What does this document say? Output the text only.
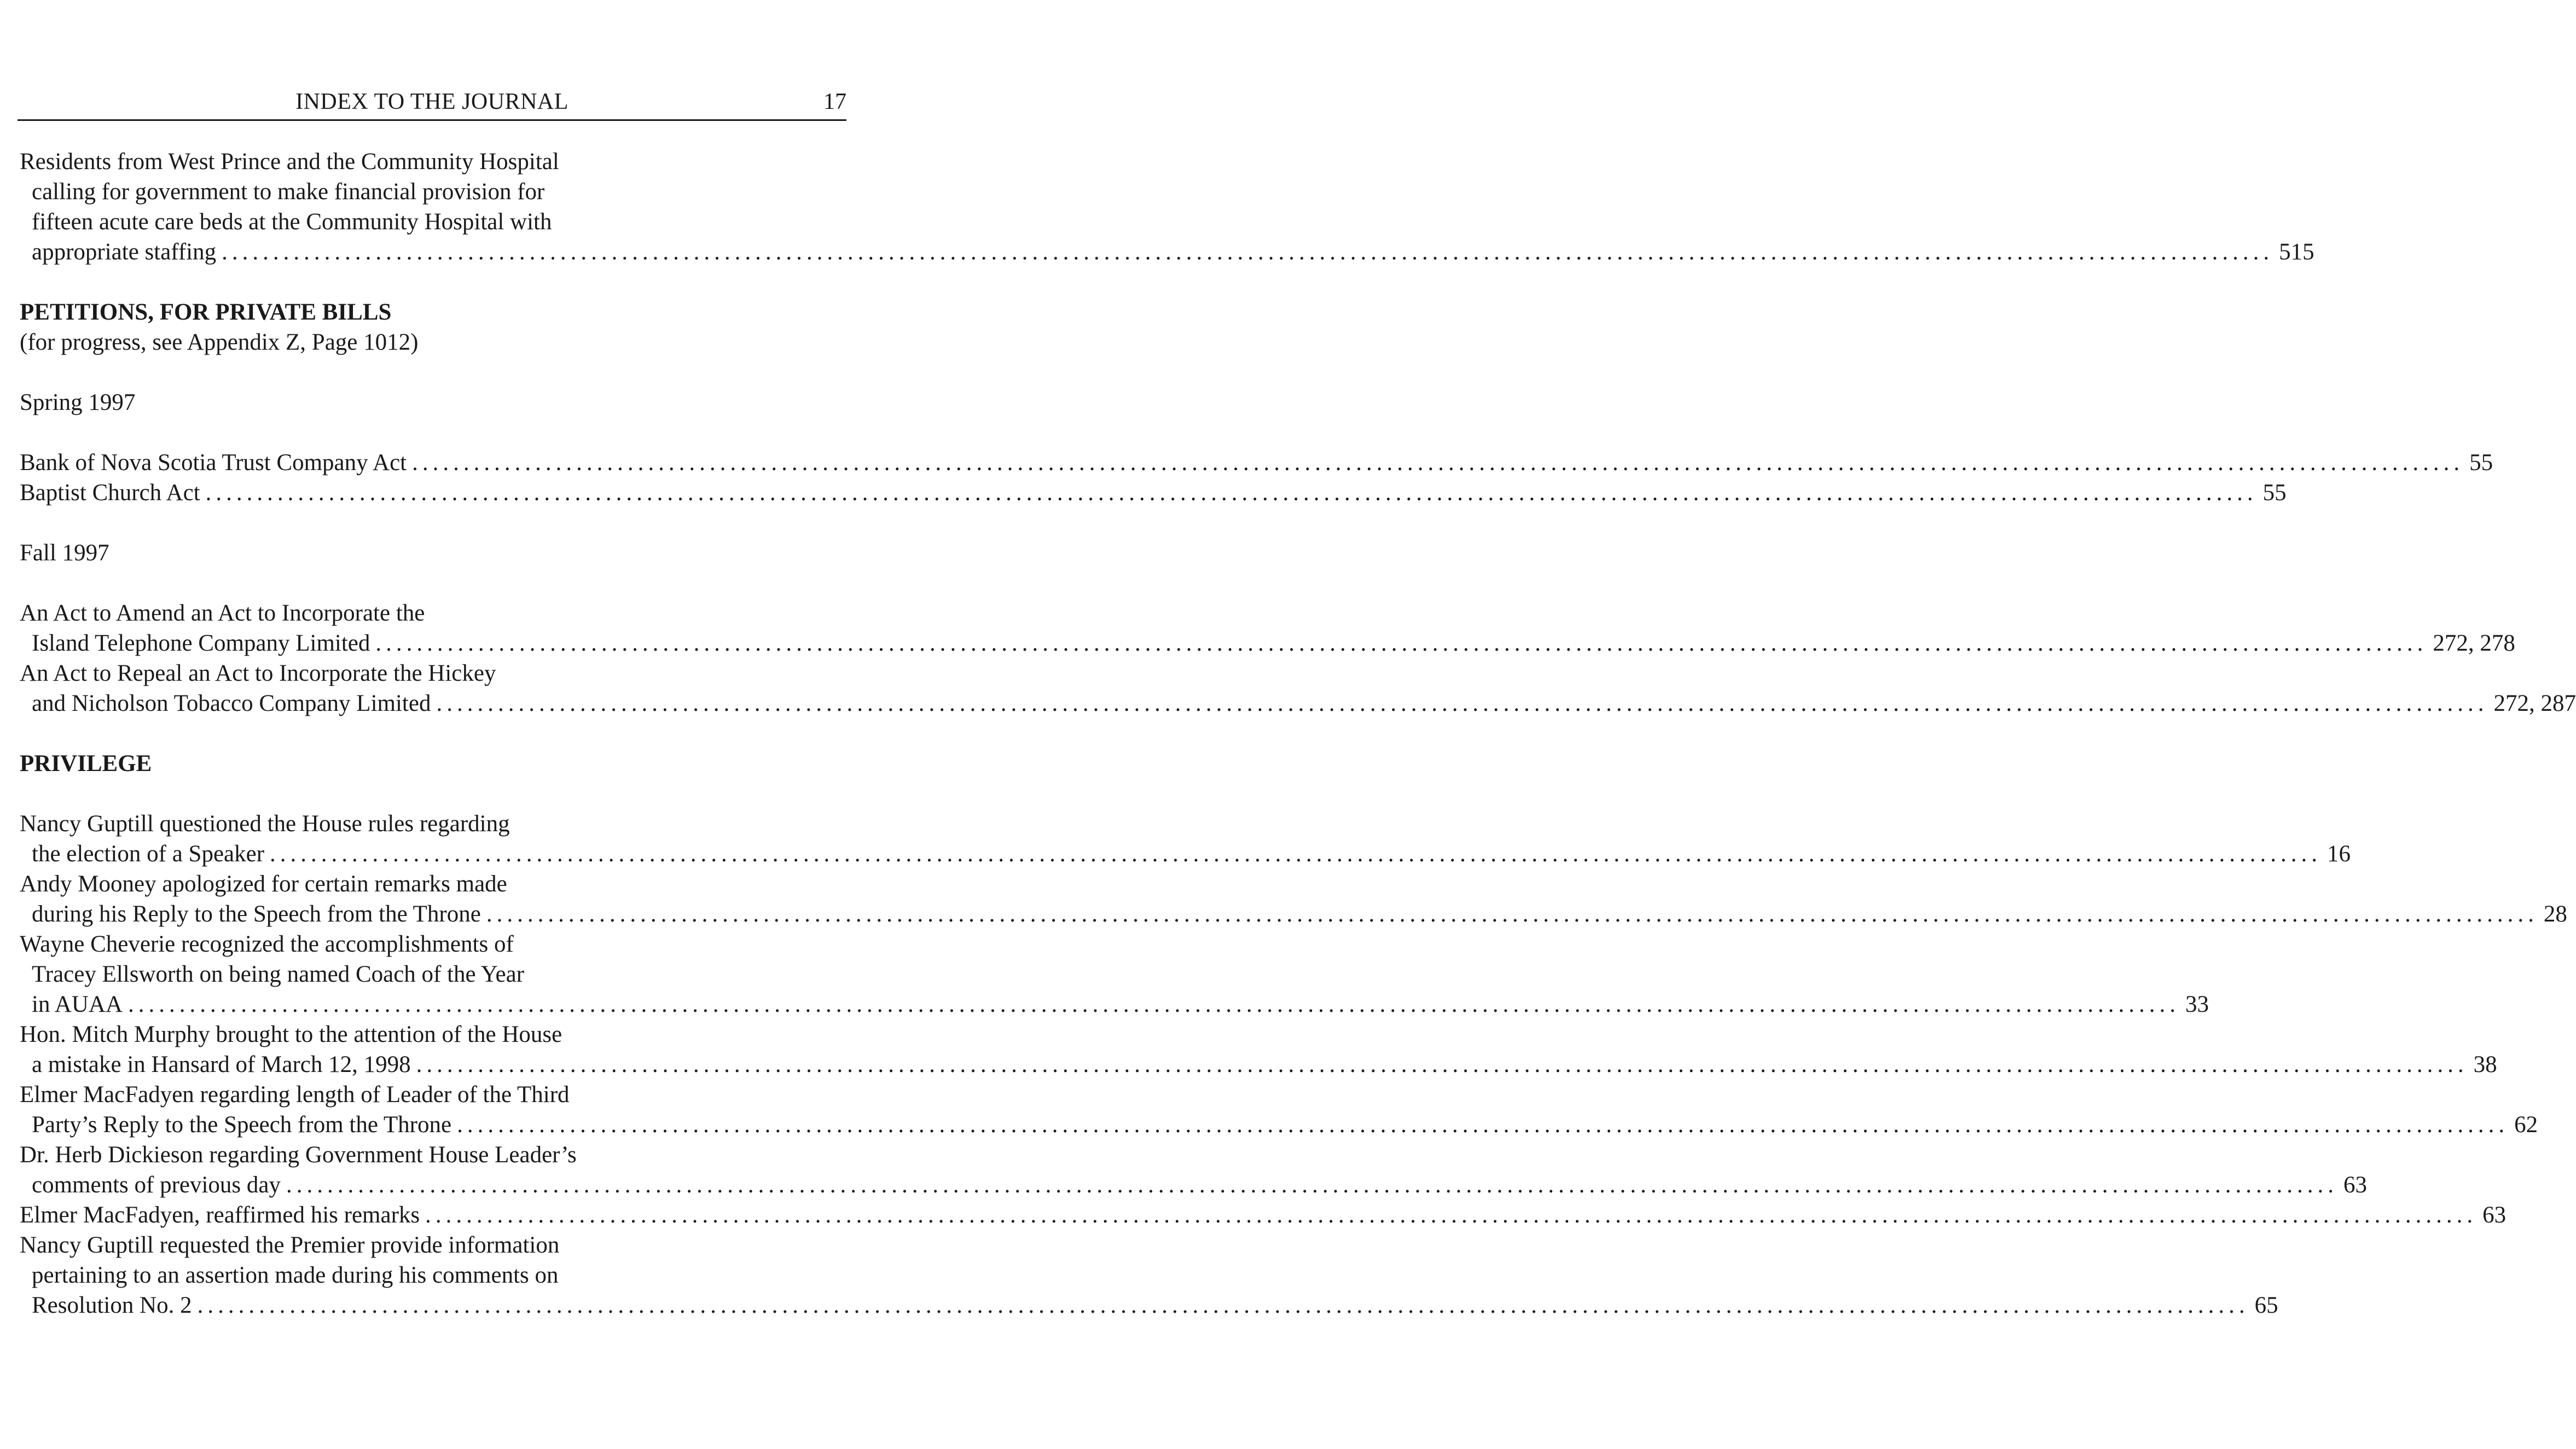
INDEX TO THE JOURNAL	17
Residents from West Prince and the Community Hospital
calling for government to make financial provision for
fifteen acute care beds at the Community Hospital with
appropriate staffing ........................................................................................................................................................................................................ 515
PETITIONS, FOR PRIVATE BILLS
(for progress, see Appendix Z, Page 1012)
Spring 1997
Bank of Nova Scotia Trust Company Act ........................................................................................................................................................................................................ 55
Baptist Church Act ........................................................................................................................................................................................................ 55
Fall 1997
An Act to Amend an Act to Incorporate the
Island Telephone Company Limited ........................................................................................................................................................................................................ 272, 278
An Act to Repeal an Act to Incorporate the Hickey
and Nicholson Tobacco Company Limited ........................................................................................................................................................................................................ 272, 287
PRIVILEGE
Nancy Guptill questioned the House rules regarding
the election of a Speaker ........................................................................................................................................................................................................ 16
Andy Mooney apologized for certain remarks made
during his Reply to the Speech from the Throne ........................................................................................................................................................................................................ 28
Wayne Cheverie recognized the accomplishments of
Tracey Ellsworth on being named Coach of the Year
in AUAA ........................................................................................................................................................................................................ 33
Hon. Mitch Murphy brought to the attention of the House
a mistake in Hansard of March 12, 1998 ........................................................................................................................................................................................................ 38
Elmer MacFadyen regarding length of Leader of the Third
Party’s Reply to the Speech from the Throne ........................................................................................................................................................................................................ 62
Dr. Herb Dickieson regarding Government House Leader’s
comments of previous day ........................................................................................................................................................................................................ 63
Elmer MacFadyen, reaffirmed his remarks ........................................................................................................................................................................................................ 63
Nancy Guptill requested the Premier provide information
pertaining to an assertion made during his comments on
Resolution No. 2 ........................................................................................................................................................................................................ 65
